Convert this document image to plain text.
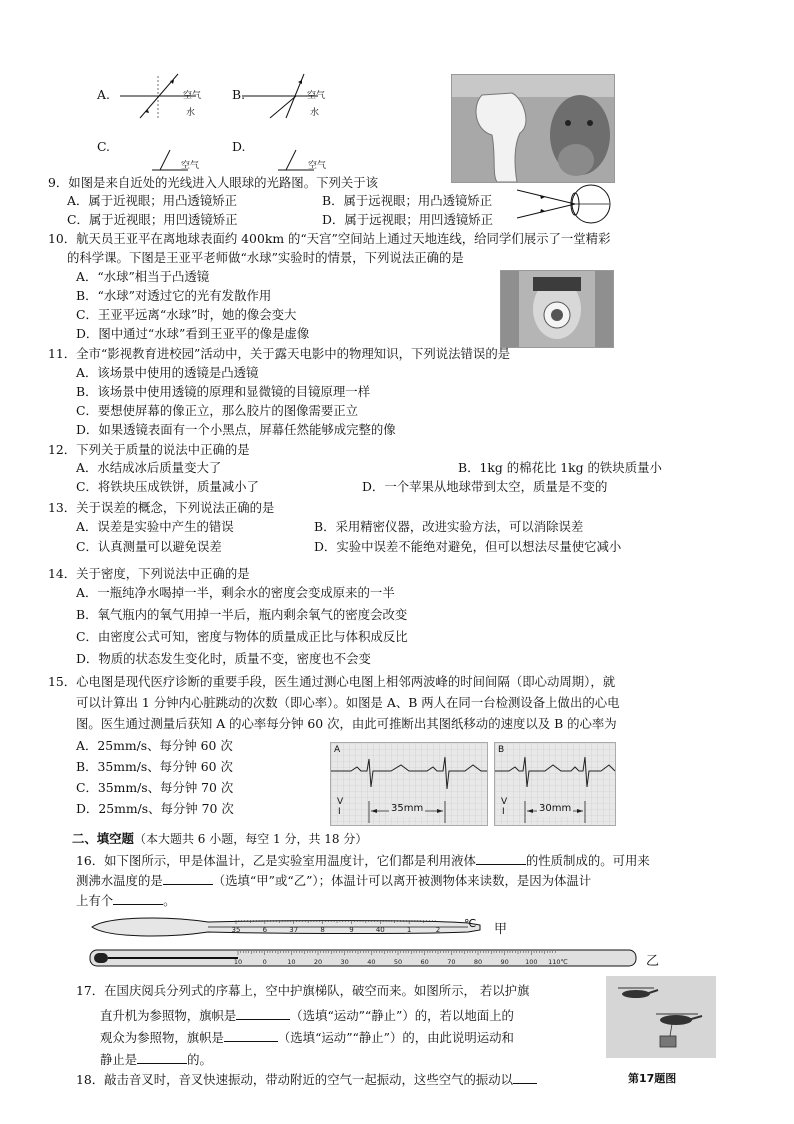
A.	空气
水
B.	空气
水
C.
空气
D.
空气
9．如图是来自近处的光线进入人眼球的光路图。下列关于该
A．属于近视眼；用凸透镜矫正	B．属于远视眼；用凸透镜矫正
C．属于近视眼；用凹透镜矫正	D．属于远视眼；用凹透镜矫正
10．航天员王亚平在离地球表面约 400km 的“天宫”空间站上通过天地连线，给同学们展示了一堂精彩
的科学课。下图是王亚平老师做“水球”实验时的情景，下列说法正确的是
A．“水球”相当于凸透镜
B．“水球”对透过它的光有发散作用
C．王亚平远离“水球”时，她的像会变大
D．图中通过“水球”看到王亚平的像是虚像
11．全市“影视教育进校园”活动中，关于露天电影中的物理知识，下列说法错误的是
A．该场景中使用的透镜是凸透镜
B．该场景中使用透镜的原理和显微镜的目镜原理一样
C．要想使屏幕的像正立，那么胶片的图像需要正立
D．如果透镜表面有一个小黑点，屏幕任然能够成完整的像
12．下列关于质量的说法中正确的是
A．水结成冰后质量变大了	B．1kg 的棉花比 1kg 的铁块质量小
C．将铁块压成铁饼，质量减小了	D．一个苹果从地球带到太空，质量是不变的
13．关于误差的概念，下列说法正确的是
A．误差是实验中产生的错误	B．采用精密仪器，改进实验方法，可以消除误差
C．认真测量可以避免误差	D．实验中误差不能绝对避免，但可以想法尽量使它减小
14．关于密度，下列说法中正确的是
A．一瓶纯净水喝掉一半，剩余水的密度会变成原来的一半
B．氧气瓶内的氧气用掉一半后，瓶内剩余氧气的密度会改变
C．由密度公式可知，密度与物体的质量成正比与体积成反比
D．物质的状态发生变化时，质量不变，密度也不会变
15．心电图是现代医疗诊断的重要手段，医生通过测心电图上相邻两波峰的时间间隔（即心动周期），就
可以计算出 1 分钟内心脏跳动的次数（即心率）。如图是 A、B 两人在同一台检测设备上做出的心电
图。医生通过测量后获知 A 的心率每分钟 60 次，由此可推断出其图纸移动的速度以及 B 的心率为
A．25mm/s、每分钟 60 次
B．35mm/s、每分钟 60 次
C．35mm/s、每分钟 70 次
D．25mm/s、每分钟 70 次
A
V
I	35mm
B
V
I	30mm
二、填空题（本大题共 6 小题，每空 1 分，共 18 分）
16．如下图所示，甲是体温计，乙是实验室用温度计，它们都是利用液体	的性质制成的。可用来
测沸水温度的是	（选填“甲”或“乙”）；体温计可以离开被测物体来读数，是因为体温计
上有个	。
35	6	37	8	9	40	1	2 ℃ 甲
10	0	10	20	30	40	50	60	70	80	90	100 110℃	乙
17．在国庆阅兵分列式的序幕上，空中护旗梯队，破空而来。如图所示， 若以护旗
直升机为参照物，旗帜是	（选填“运动”“静止”）的，若以地面上的
观众为参照物，旗帜是	（选填“运动”“静止”）的，由此说明运动和
静止是	的。
第17题图
18．敲击音叉时，音叉快速振动，带动附近的空气一起振动，这些空气的振动以
